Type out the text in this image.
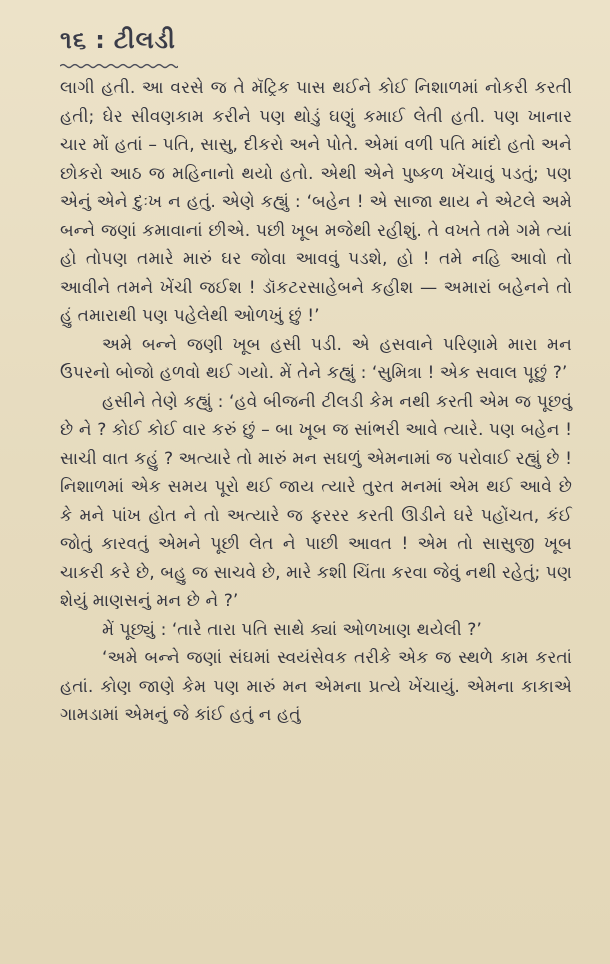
૧૬ : ટીલડી

લાગી હતી. આ વરસે જ તે મૅટ્રિક પાસ થઈને કોઈ નિશાળમાં નોકરી કરતી હતી; ઘેર સીવણકામ કરીને પણ થોડું ઘણું કમાઈ લેતી હતી. પણ ખાનાર ચાર મોં હતાં – પતિ, સાસુ, દીકરો અને પોતે. એમાં વળી પતિ માંદો હતો અને છોકરો આઠ જ મહિનાનો થયો હતો. એથી એને પુષ્કળ ખેંચાવું પડતું; પણ એનું એને દુઃખ ન હતું. એણે કહ્યું : ‘બહેન ! એ સાજા થાય ને એટલે અમે બન્ને જણાં કમાવાનાં છીએ. પછી ખૂબ મજેથી રહીશું. તે વખતે તમે ગમે ત્યાં હો તોપણ તમારે મારું ઘર જોવા આવવું પડશે, હો ! તમે નહિ આવો તો આવીને તમને ખેંચી જઈશ ! ડૉકટરસાહેબને કહીશ — અમારાં બહેનને તો હું તમારાથી પણ પહેલેથી ઓળખું છું !’

અમે બન્ને જણી ખૂબ હસી પડી. એ હસવાને પરિણામે મારા મન ઉપરનો બોજો હળવો થઈ ગયો. મેં તેને કહ્યું : ‘સુમિત્રા ! એક સવાલ પૂછું ?’

હસીને તેણે કહ્યું : ‘હવે બીજની ટીલડી કેમ નથી કરતી એમ જ પૂછવું છે ને ? કોઈ કોઈ વાર કરું છું – બા ખૂબ જ સાંભરી આવે ત્યારે. પણ બહેન ! સાચી વાત કહું ? અત્યારે તો મારું મન સઘળું એમનામાં જ પરોવાઈ રહ્યું છે ! નિશાળમાં એક સમય પૂરો થઈ જાય ત્યારે તુરત મનમાં એમ થઈ આવે છે કે મને પાંખ હોત ને તો અત્યારે જ ફરરર કરતી ઊડીને ઘરે પહોંચત, કંઈ જોતું કારવતું એમને પૂછી લેત ને પાછી આવત ! એમ તો સાસુજી ખૂબ ચાકરી કરે છે, બહુ જ સાચવે છે, મારે કશી ચિંતા કરવા જેવું નથી રહેતું; પણ શેયું માણસનું મન છે ને ?’

મેં પૂછ્યું : ‘તારે તારા પતિ સાથે ક્યાં ઓળખાણ થયેલી ?’

‘અમે બન્ને જણાં સંઘમાં સ્વયંસેવક તરીકે એક જ સ્થળે કામ કરતાં હતાં. કોણ જાણે કેમ પણ મારું મન એમના પ્રત્યે ખેંચાયું. એમના કાકાએ ગામડામાં એમનું જે કાંઈ હતું ન હતું
